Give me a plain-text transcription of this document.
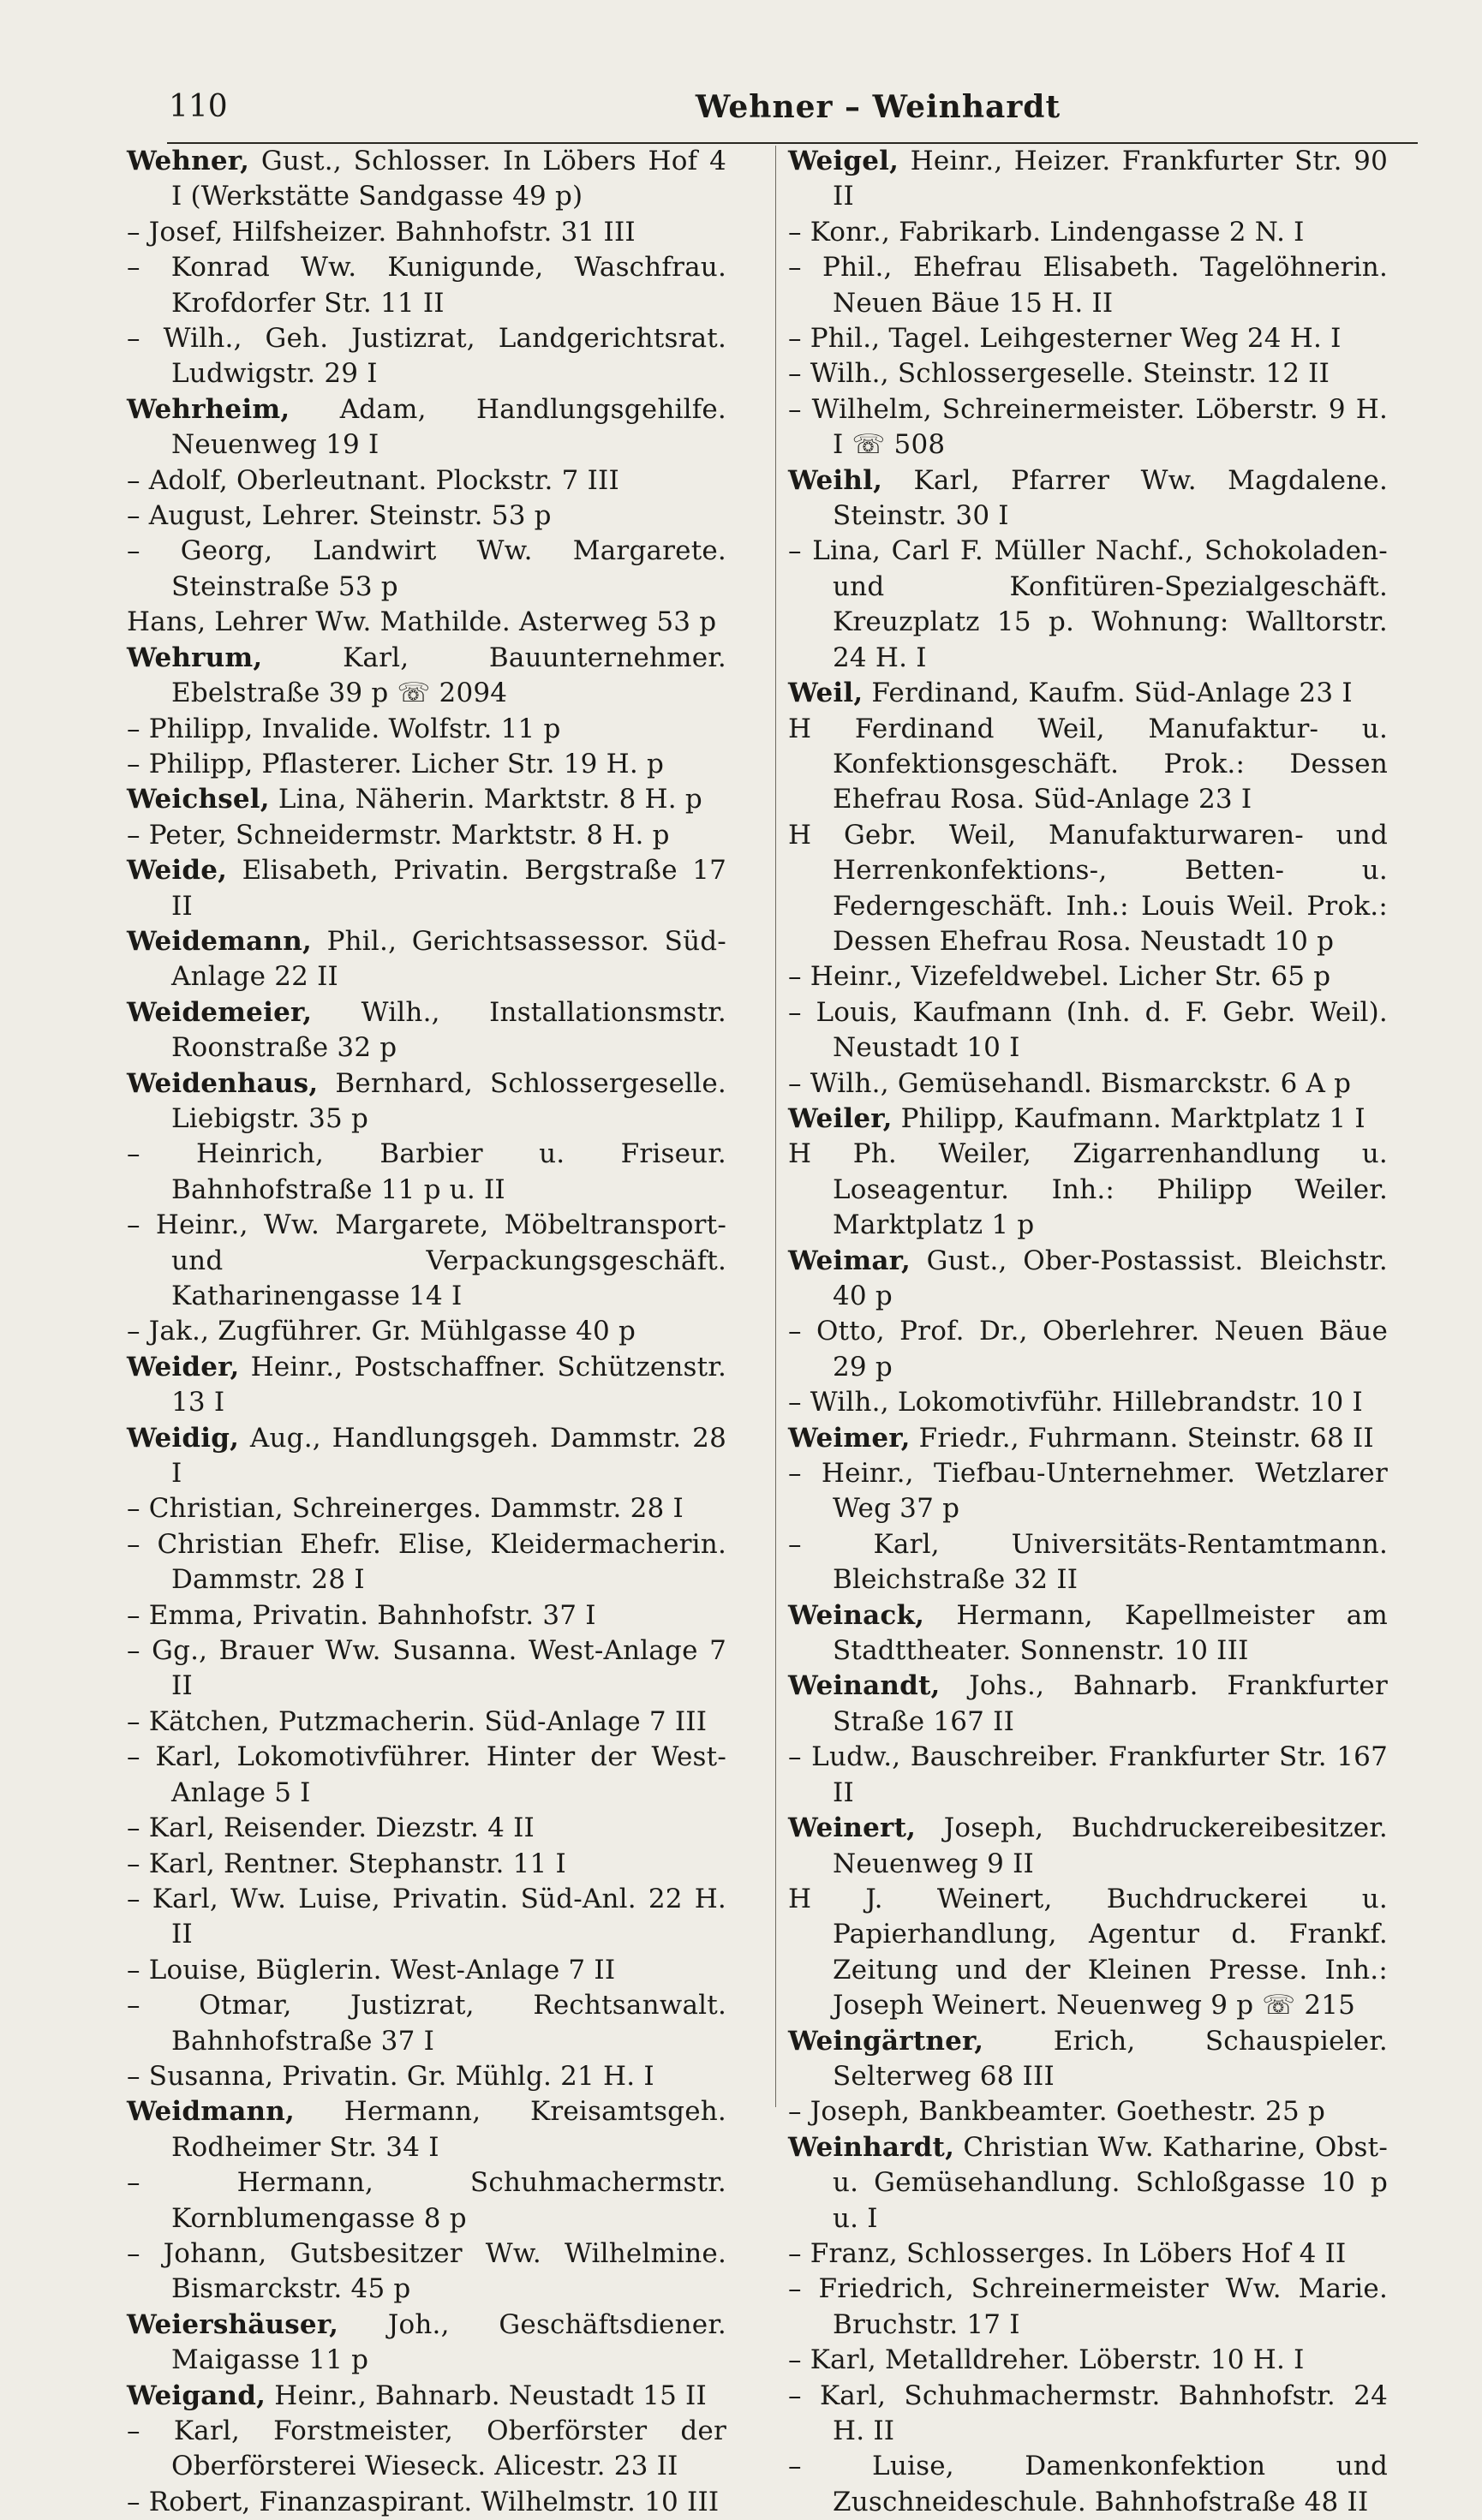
110	Wehner – Weinhardt

Wehner, Gust., Schlosser. In Löbers Hof 4 I (Werkstätte Sandgasse 49 p)

– Josef, Hilfsheizer. Bahnhofstr. 31 III

– Konrad Ww. Kunigunde, Waschfrau. Krofdorfer Str. 11 II

– Wilh., Geh. Justizrat, Landgerichtsrat. Ludwigstr. 29 I

Wehrheim, Adam, Handlungsgehilfe. Neuenweg 19 I

– Adolf, Oberleutnant. Plockstr. 7 III

– August, Lehrer. Steinstr. 53 p

– Georg, Landwirt Ww. Margarete. Steinstraße 53 p

Hans, Lehrer Ww. Mathilde. Asterweg 53 p

Wehrum,	Karl, Bauunternehmer. Ebelstraße 39 p ☏ 2094

– Philipp, Invalide. Wolfstr. 11 p

– Philipp, Pflasterer. Licher Str. 19 H. p

Weichsel, Lina, Näherin. Marktstr. 8 H. p

– Peter, Schneidermstr. Marktstr. 8 H. p

Weide, Elisabeth, Privatin. Bergstraße 17 II

Weidemann, Phil., Gerichtsassessor. Süd-Anlage 22 II

Weidemeier, Wilh., Installationsmstr. Roonstraße 32 p

Weidenhaus, Bernhard, Schlossergeselle. Liebigstr. 35 p

– Heinrich, Barbier u. Friseur. Bahnhofstraße 11 p u. II

– Heinr., Ww. Margarete, Möbeltransport- und Verpackungsgeschäft. Katharinengasse 14 I

– Jak., Zugführer. Gr. Mühlgasse 40 p

Weider, Heinr., Postschaffner. Schützenstr. 13 I

Weidig, Aug., Handlungsgeh. Dammstr. 28 I

– Christian, Schreinerges. Dammstr. 28 I

– Christian Ehefr. Elise, Kleidermacherin. Dammstr. 28 I

– Emma, Privatin. Bahnhofstr. 37 I

– Gg., Brauer Ww. Susanna. West-Anlage 7 II

– Kätchen, Putzmacherin. Süd-Anlage 7 III

– Karl, Lokomotivführer. Hinter der West-Anlage 5 I

– Karl, Reisender. Diezstr. 4 II

– Karl, Rentner. Stephanstr. 11 I

– Karl, Ww. Luise, Privatin. Süd-Anl. 22 H. II

– Louise, Büglerin. West-Anlage 7 II

– Otmar, Justizrat, Rechtsanwalt. Bahnhofstraße 37 I

– Susanna, Privatin. Gr. Mühlg. 21 H. I

Weidmann, Hermann, Kreisamtsgeh. Rodheimer Str. 34 I

– Hermann, Schuhmachermstr. Kornblumengasse 8 p

– Johann, Gutsbesitzer Ww. Wilhelmine. Bismarckstr. 45 p

Weiershäuser, Joh., Geschäftsdiener. Maigasse 11 p

Weigand, Heinr., Bahnarb. Neustadt 15 II

– Karl, Forstmeister, Oberförster der Oberförsterei Wieseck. Alicestr. 23 II

– Robert, Finanzaspirant. Wilhelmstr. 10 III

Weigel, Heinr., Heizer. Frankfurter Str. 90 II

– Konr., Fabrikarb. Lindengasse 2 N. I

– Phil., Ehefrau Elisabeth. Tagelöhnerin. Neuen Bäue 15 H. II

– Phil., Tagel. Leihgesterner Weg 24 H. I

– Wilh., Schlossergeselle. Steinstr. 12 II

– Wilhelm, Schreinermeister. Löberstr. 9 H. I ☏ 508

Weihl, Karl, Pfarrer Ww. Magdalene. Steinstr. 30 I

– Lina, Carl F. Müller Nachf., Schokoladen- und Konfitüren-Spezialgeschäft. Kreuzplatz 15 p. Wohnung: Walltorstr. 24 H. I

Weil, Ferdinand, Kaufm. Süd-Anlage 23 I

H Ferdinand Weil, Manufaktur- u. Konfektionsgeschäft. Prok.: Dessen Ehefrau Rosa. Süd-Anlage 23 I

H Gebr. Weil, Manufakturwaren- und Herrenkonfektions-, Betten- u. Federngeschäft. Inh.: Louis Weil. Prok.: Dessen Ehefrau Rosa. Neustadt 10 p

– Heinr., Vizefeldwebel. Licher Str. 65 p

– Louis, Kaufmann (Inh. d. F. Gebr. Weil). Neustadt 10 I

– Wilh., Gemüsehandl. Bismarckstr. 6 A p

Weiler, Philipp, Kaufmann. Marktplatz 1 I

H Ph. Weiler, Zigarrenhandlung u. Loseagentur. Inh.: Philipp Weiler. Marktplatz 1 p

Weimar, Gust., Ober-Postassist. Bleichstr. 40 p

– Otto, Prof. Dr., Oberlehrer. Neuen Bäue 29 p

– Wilh., Lokomotivführ. Hillebrandstr. 10 I

Weimer, Friedr., Fuhrmann. Steinstr. 68 II

– Heinr., Tiefbau-Unternehmer. Wetzlarer Weg 37 p

– Karl, Universitäts-Rentamtmann. Bleichstraße 32 II

Weinack, Hermann, Kapellmeister am Stadttheater. Sonnenstr. 10 III

Weinandt, Johs., Bahnarb. Frankfurter Straße 167 II

– Ludw., Bauschreiber. Frankfurter Str. 167 II

Weinert, Joseph, Buchdruckereibesitzer. Neuenweg 9 II

H J. Weinert, Buchdruckerei u. Papierhandlung, Agentur d. Frankf. Zeitung und der Kleinen Presse. Inh.: Joseph Weinert. Neuenweg 9 p ☏ 215

Weingärtner,	Erich, Schauspieler. Selterweg 68 III

– Joseph, Bankbeamter. Goethestr. 25 p

Weinhardt, Christian Ww. Katharine, Obst- u. Gemüsehandlung. Schloßgasse 10 p u. I

– Franz, Schlosserges. In Löbers Hof 4 II

– Friedrich, Schreinermeister Ww. Marie. Bruchstr. 17 I

– Karl, Metalldreher. Löberstr. 10 H. I

– Karl, Schuhmachermstr. Bahnhofstr. 24 H. II

– Luise, Damenkonfektion und Zuschneideschule. Bahnhofstraße 48 II
